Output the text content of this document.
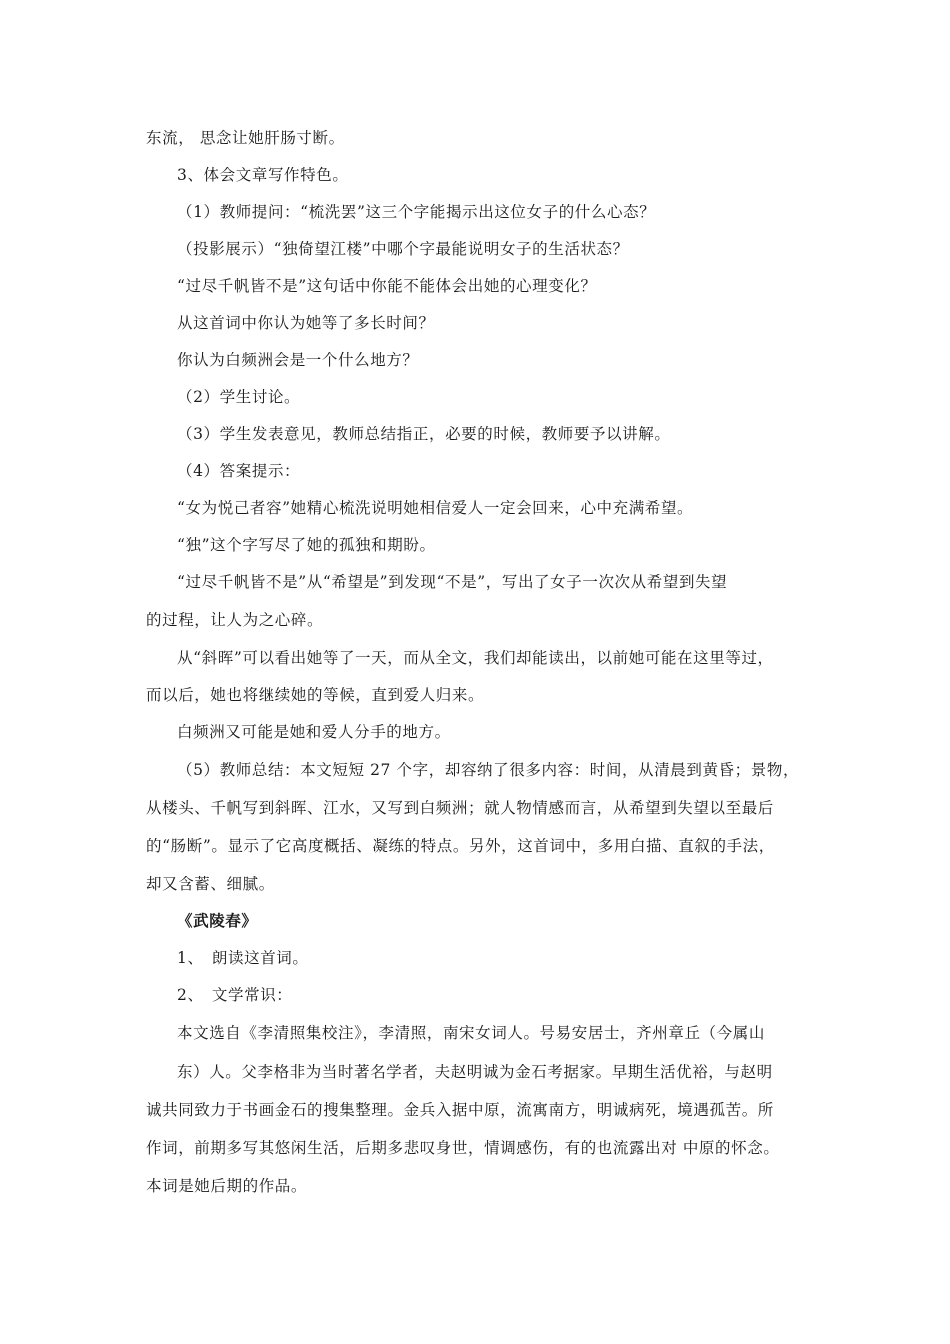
东流， 思念让她肝肠寸断。
3、体会文章写作特色。
（1）教师提问：“梳洗罢”这三个字能揭示出这位女子的什么心态？
（投影展示）“独倚望江楼”中哪个字最能说明女子的生活状态？
“过尽千帆皆不是”这句话中你能不能体会出她的心理变化？
从这首词中你认为她等了多长时间？
你认为白频洲会是一个什么地方？
（2）学生讨论。
（3）学生发表意见，教师总结指正，必要的时候，教师要予以讲解。
（4）答案提示：
“女为悦己者容”她精心梳洗说明她相信爱人一定会回来，心中充满希望。
“独”这个字写尽了她的孤独和期盼。
“过尽千帆皆不是”从“希望是”到发现“不是”，写出了女子一次次从希望到失望
的过程，让人为之心碎。
从“斜晖”可以看出她等了一天，而从全文，我们却能读出，以前她可能在这里等过，
而以后，她也将继续她的等候，直到爱人归来。
白频洲又可能是她和爱人分手的地方。
（5）教师总结：本文短短 27 个字，却容纳了很多内容：时间，从清晨到黄昏；景物，
从楼头、千帆写到斜晖、江水，又写到白频洲；就人物情感而言，从希望到失望以至最后
的“肠断”。显示了它高度概括、凝练的特点。另外，这首词中，多用白描、直叙的手法，
却又含蓄、细腻。
《武陵春》
1、　朗读这首词。
2、　文学常识：
本文选自《李清照集校注》，李清照，南宋女词人。号易安居士，齐州章丘（今属山
东）人。父李格非为当时著名学者，夫赵明诚为金石考据家。早期生活优裕，与赵明
诚共同致力于书画金石的搜集整理。金兵入据中原，流寓南方，明诚病死，境遇孤苦。所
作词，前期多写其悠闲生活，后期多悲叹身世，情调感伤，有的也流露出对 中原的怀念。
本词是她后期的作品。
